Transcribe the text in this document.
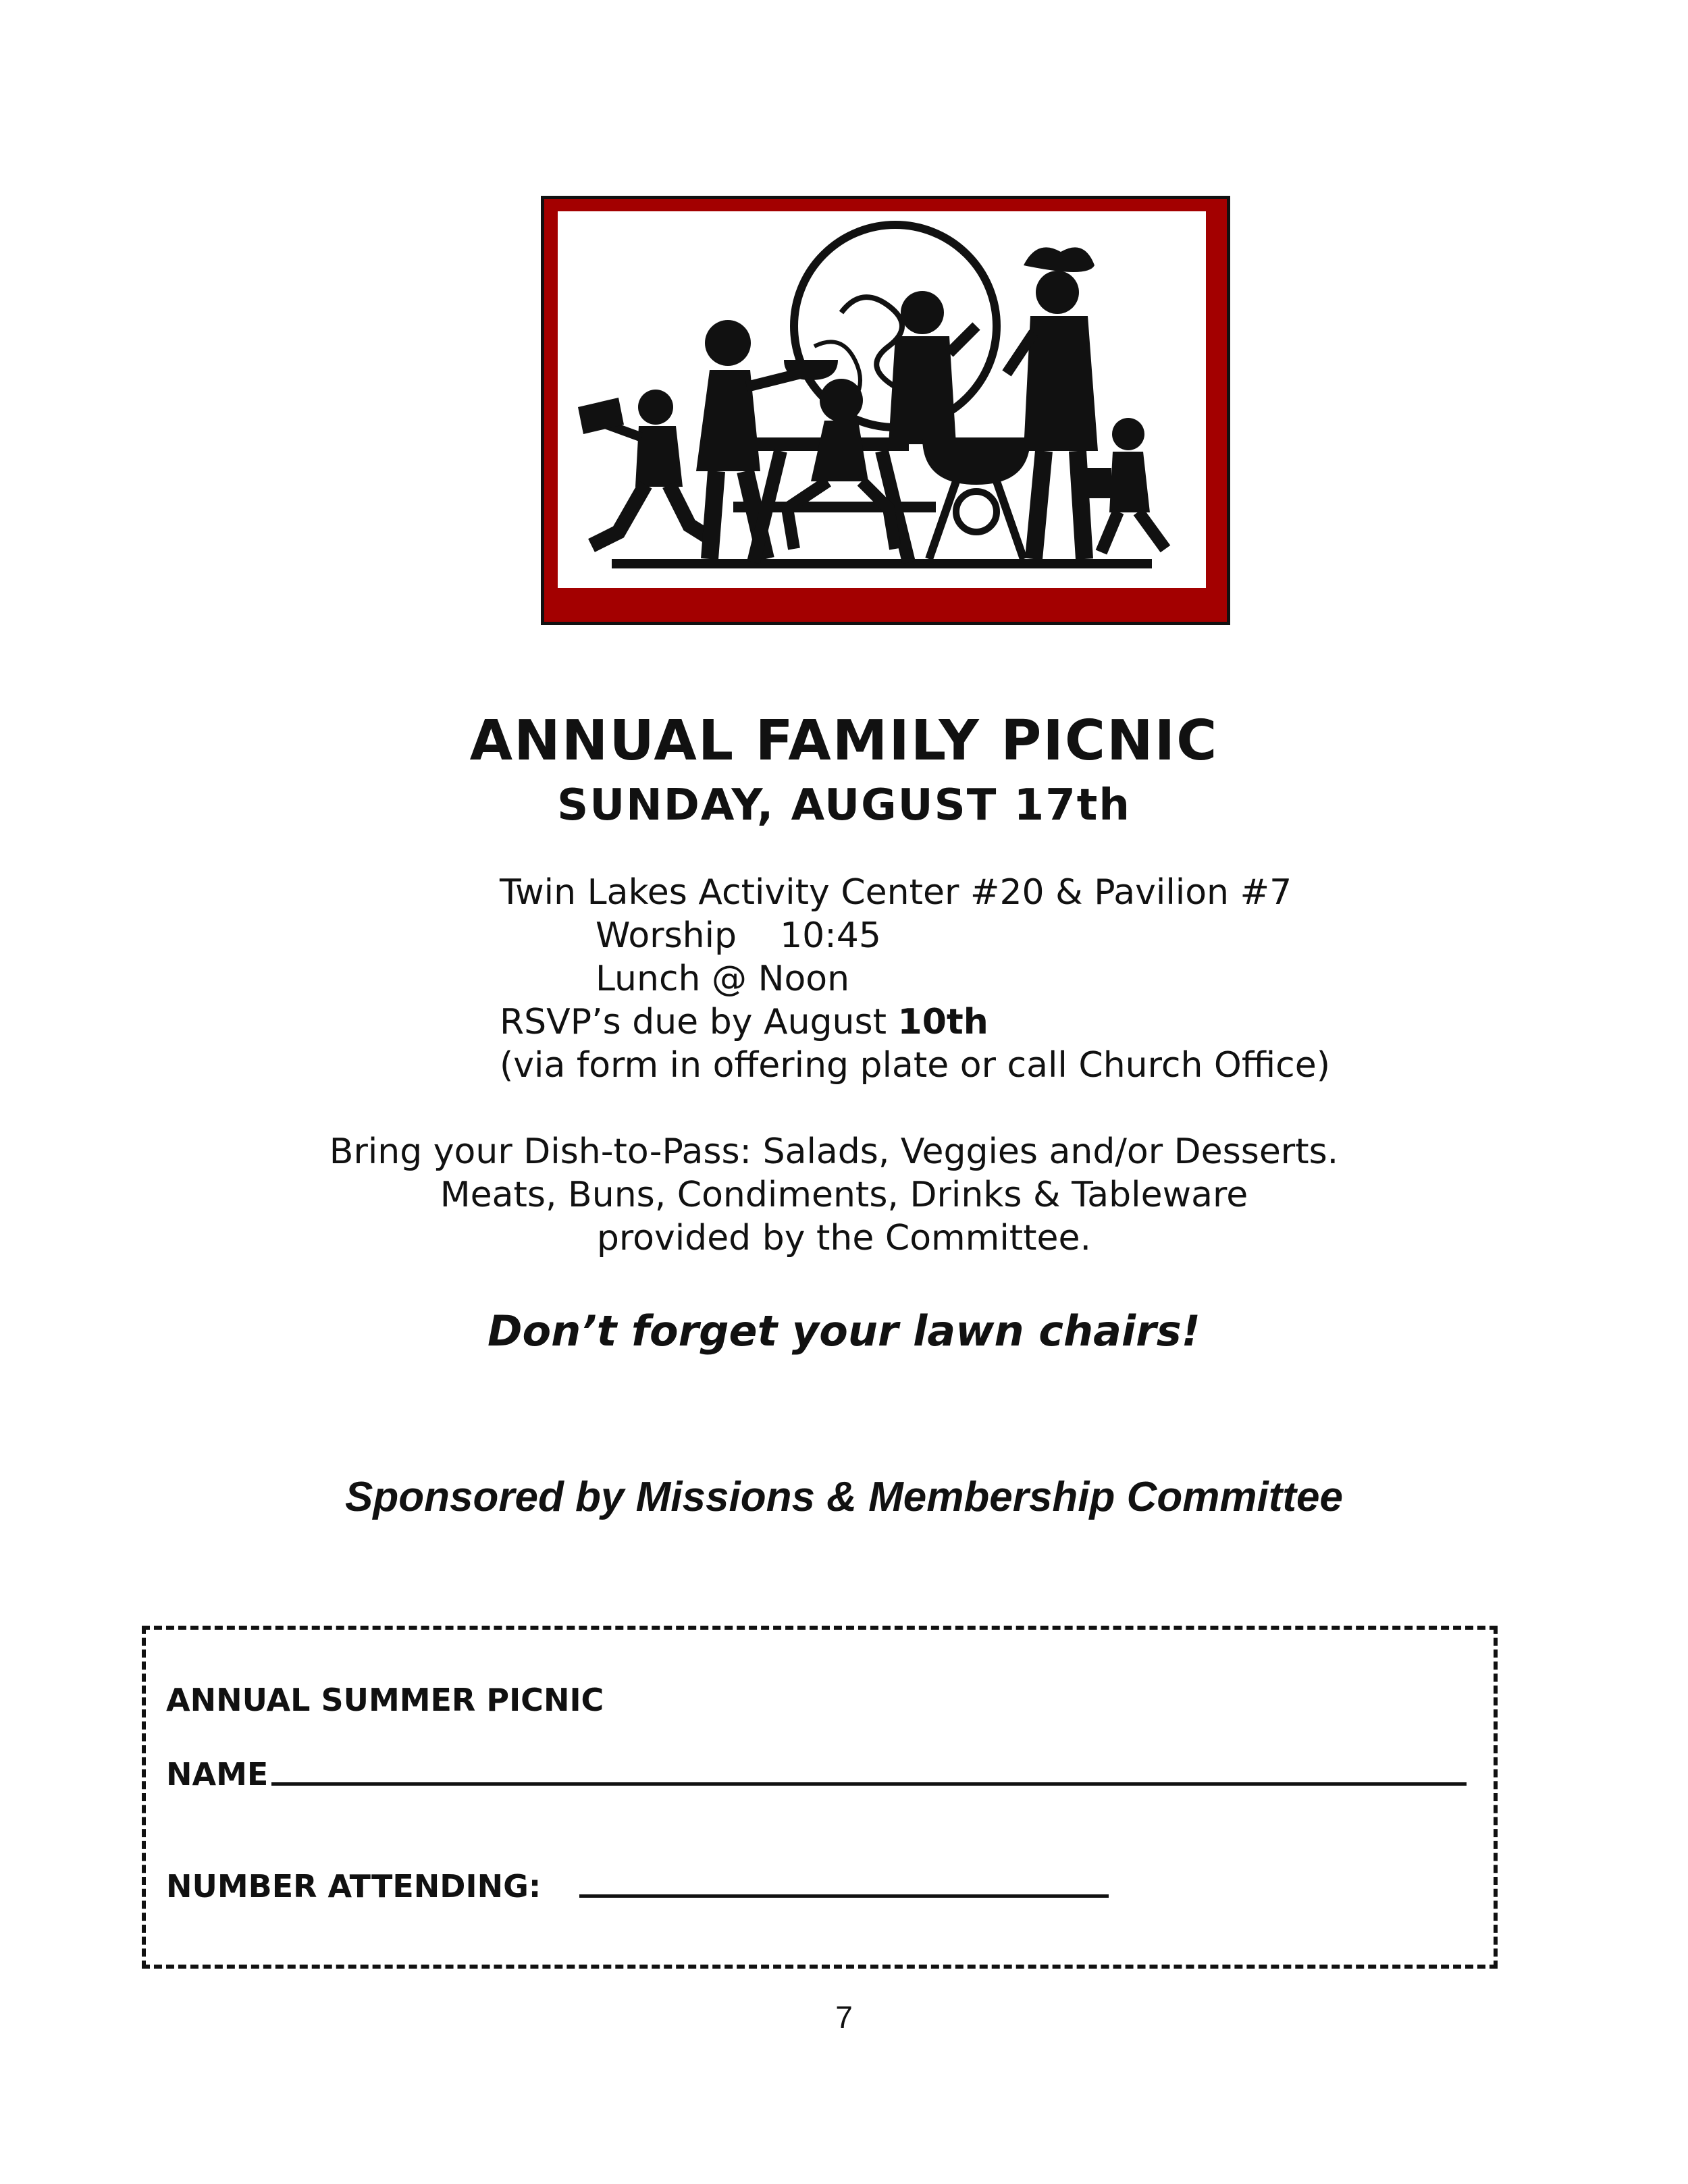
ANNUAL FAMILY PICNIC
SUNDAY, AUGUST 17th
Twin Lakes Activity Center #20 & Pavilion #7
Worship 10:45
Lunch @ Noon
RSVP’s due by August 10th
(via form in offering plate or call Church Office)
Bring your Dish-to-Pass: Salads, Veggies and/or Desserts.
Meats, Buns, Condiments, Drinks & Tableware
provided by the Committee.
Don’t forget your lawn chairs!
Sponsored by Missions & Membership Committee
ANNUAL SUMMER PICNIC
NAME
NUMBER ATTENDING:
7
